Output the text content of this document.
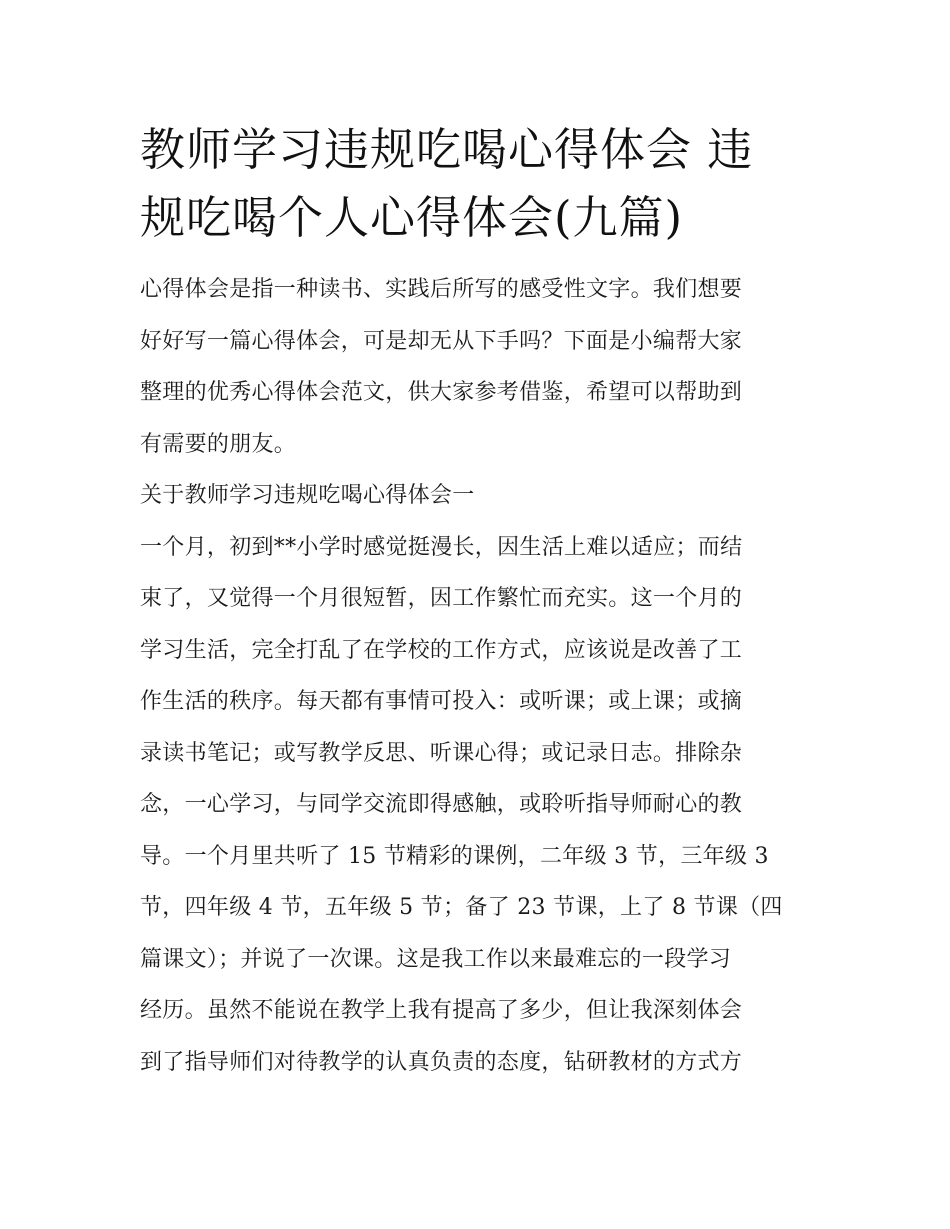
教师学习违规吃喝心得体会 违
规吃喝个人心得体会(九篇)
心得体会是指一种读书、实践后所写的感受性文字。我们想要
好好写一篇心得体会，可是却无从下手吗？下面是小编帮大家
整理的优秀心得体会范文，供大家参考借鉴，希望可以帮助到
有需要的朋友。
关于教师学习违规吃喝心得体会一
一个月，初到**小学时感觉挺漫长，因生活上难以适应；而结
束了，又觉得一个月很短暂，因工作繁忙而充实。这一个月的
学习生活，完全打乱了在学校的工作方式，应该说是改善了工
作生活的秩序。每天都有事情可投入：或听课；或上课；或摘
录读书笔记；或写教学反思、听课心得；或记录日志。排除杂
念，一心学习，与同学交流即得感触，或聆听指导师耐心的教
导。一个月里共听了 15 节精彩的课例，二年级 3 节，三年级 3
节，四年级 4 节，五年级 5 节；备了 23 节课，上了 8 节课（四
篇课文）；并说了一次课。这是我工作以来最难忘的一段学习
经历。虽然不能说在教学上我有提高了多少，但让我深刻体会
到了指导师们对待教学的认真负责的态度，钻研教材的方式方
